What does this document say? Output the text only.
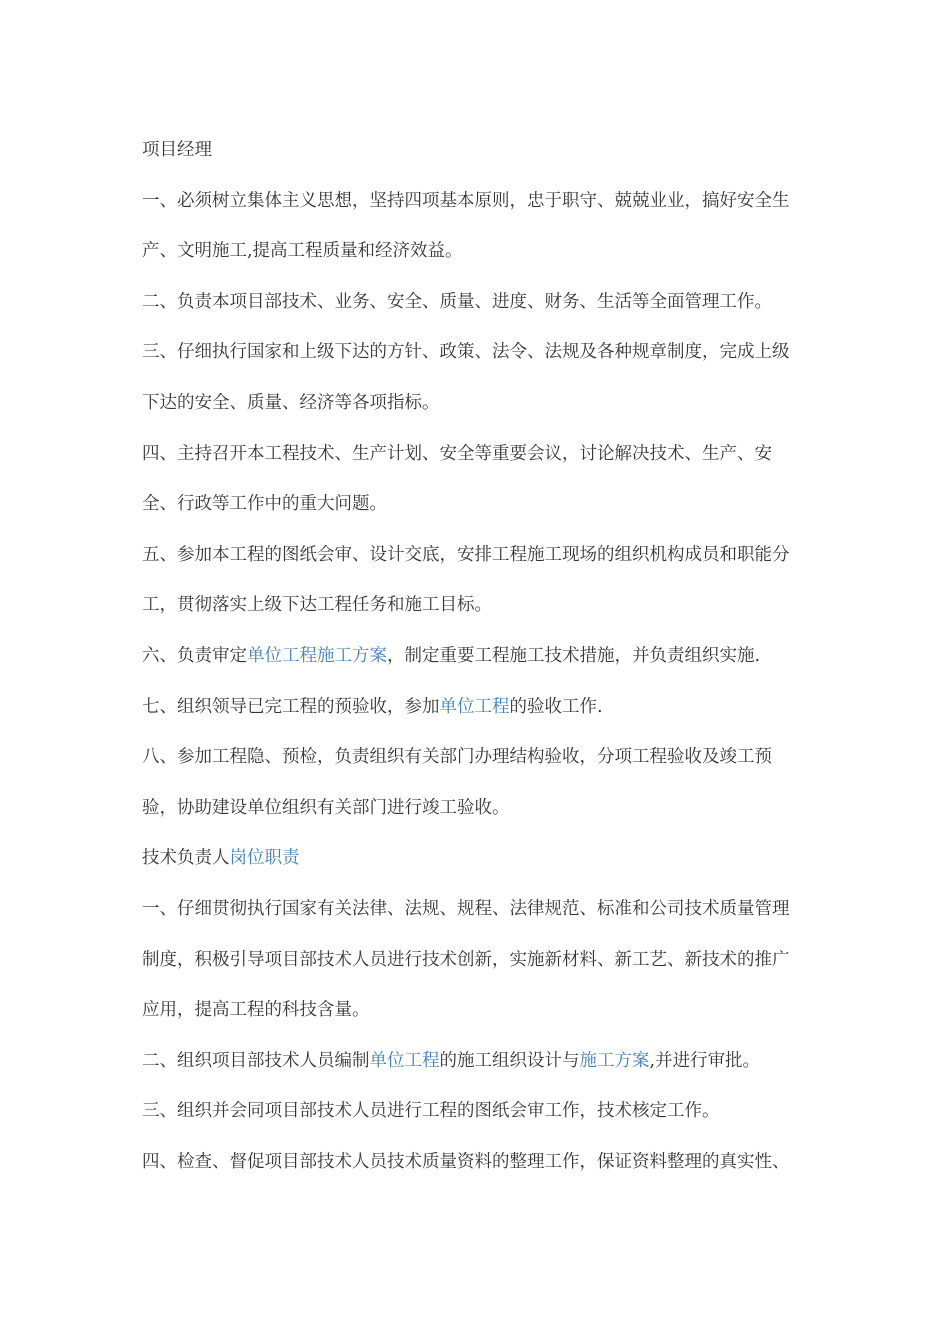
项目经理
一、必须树立集体主义思想，坚持四项基本原则，忠于职守、兢兢业业，搞好安全生
产、文明施工,提高工程质量和经济效益。
二、负责本项目部技术、业务、安全、质量、进度、财务、生活等全面管理工作。
三、仔细执行国家和上级下达的方针、政策、法令、法规及各种规章制度，完成上级
下达的安全、质量、经济等各项指标。
四、主持召开本工程技术、生产计划、安全等重要会议，讨论解决技术、生产、安
全、行政等工作中的重大问题。
五、参加本工程的图纸会审、设计交底，安排工程施工现场的组织机构成员和职能分
工，贯彻落实上级下达工程任务和施工目标。
六、负责审定单位工程施工方案，制定重要工程施工技术措施，并负责组织实施.
七、组织领导已完工程的预验收，参加单位工程的验收工作.
八、参加工程隐、预检，负责组织有关部门办理结构验收，分项工程验收及竣工预
验，协助建设单位组织有关部门进行竣工验收。
技术负责人岗位职责
一、仔细贯彻执行国家有关法律、法规、规程、法律规范、标准和公司技术质量管理
制度，积极引导项目部技术人员进行技术创新，实施新材料、新工艺、新技术的推广
应用，提高工程的科技含量。
二、组织项目部技术人员编制单位工程的施工组织设计与施工方案,并进行审批。
三、组织并会同项目部技术人员进行工程的图纸会审工作，技术核定工作。
四、检查、督促项目部技术人员技术质量资料的整理工作，保证资料整理的真实性、
